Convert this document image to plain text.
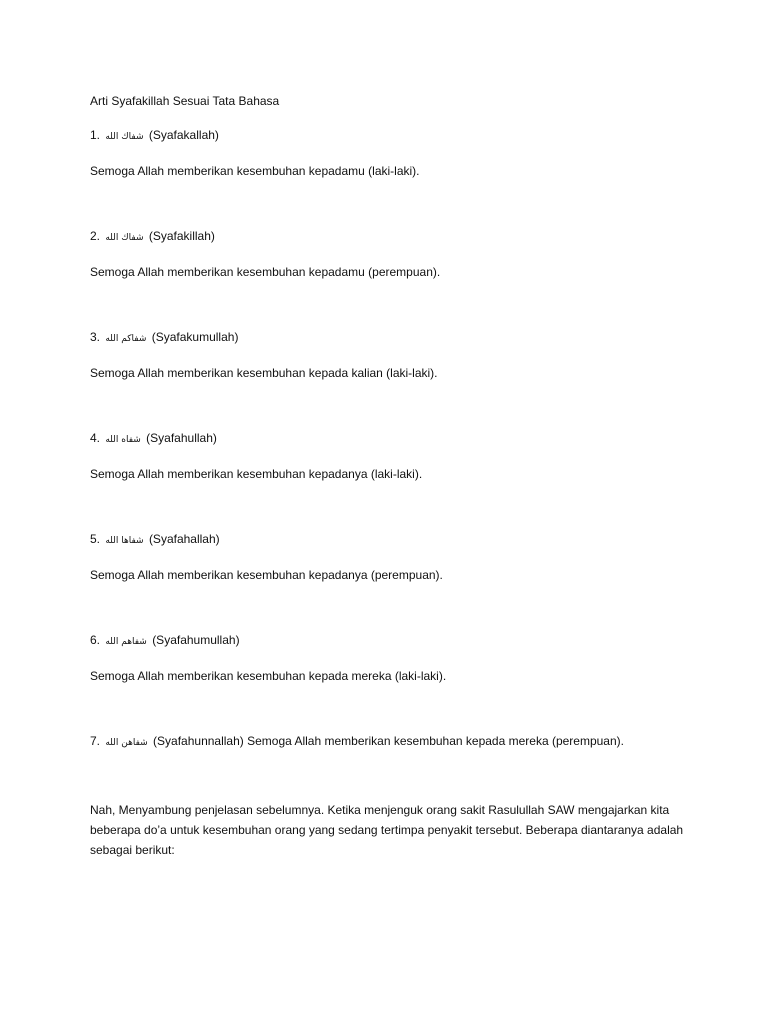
Arti Syafakillah Sesuai Tata Bahasa
1. شفاك الله (Syafakallah)
Semoga Allah memberikan kesembuhan kepadamu (laki-laki).
2. شفاك الله (Syafakillah)
Semoga Allah memberikan kesembuhan kepadamu (perempuan).
3. شفاكم الله (Syafakumullah)
Semoga Allah memberikan kesembuhan kepada kalian (laki-laki).
4. شفاه الله (Syafahullah)
Semoga Allah memberikan kesembuhan kepadanya (laki-laki).
5. شفاها الله (Syafahallah)
Semoga Allah memberikan kesembuhan kepadanya (perempuan).
6. شفاهم الله (Syafahumullah)
Semoga Allah memberikan kesembuhan kepada mereka (laki-laki).
7. شفاهن الله (Syafahunnallah) Semoga Allah memberikan kesembuhan kepada mereka (perempuan).
Nah, Menyambung penjelasan sebelumnya. Ketika menjenguk orang sakit Rasulullah SAW mengajarkan kita beberapa do’a untuk kesembuhan orang yang sedang tertimpa penyakit tersebut. Beberapa diantaranya adalah sebagai berikut:
